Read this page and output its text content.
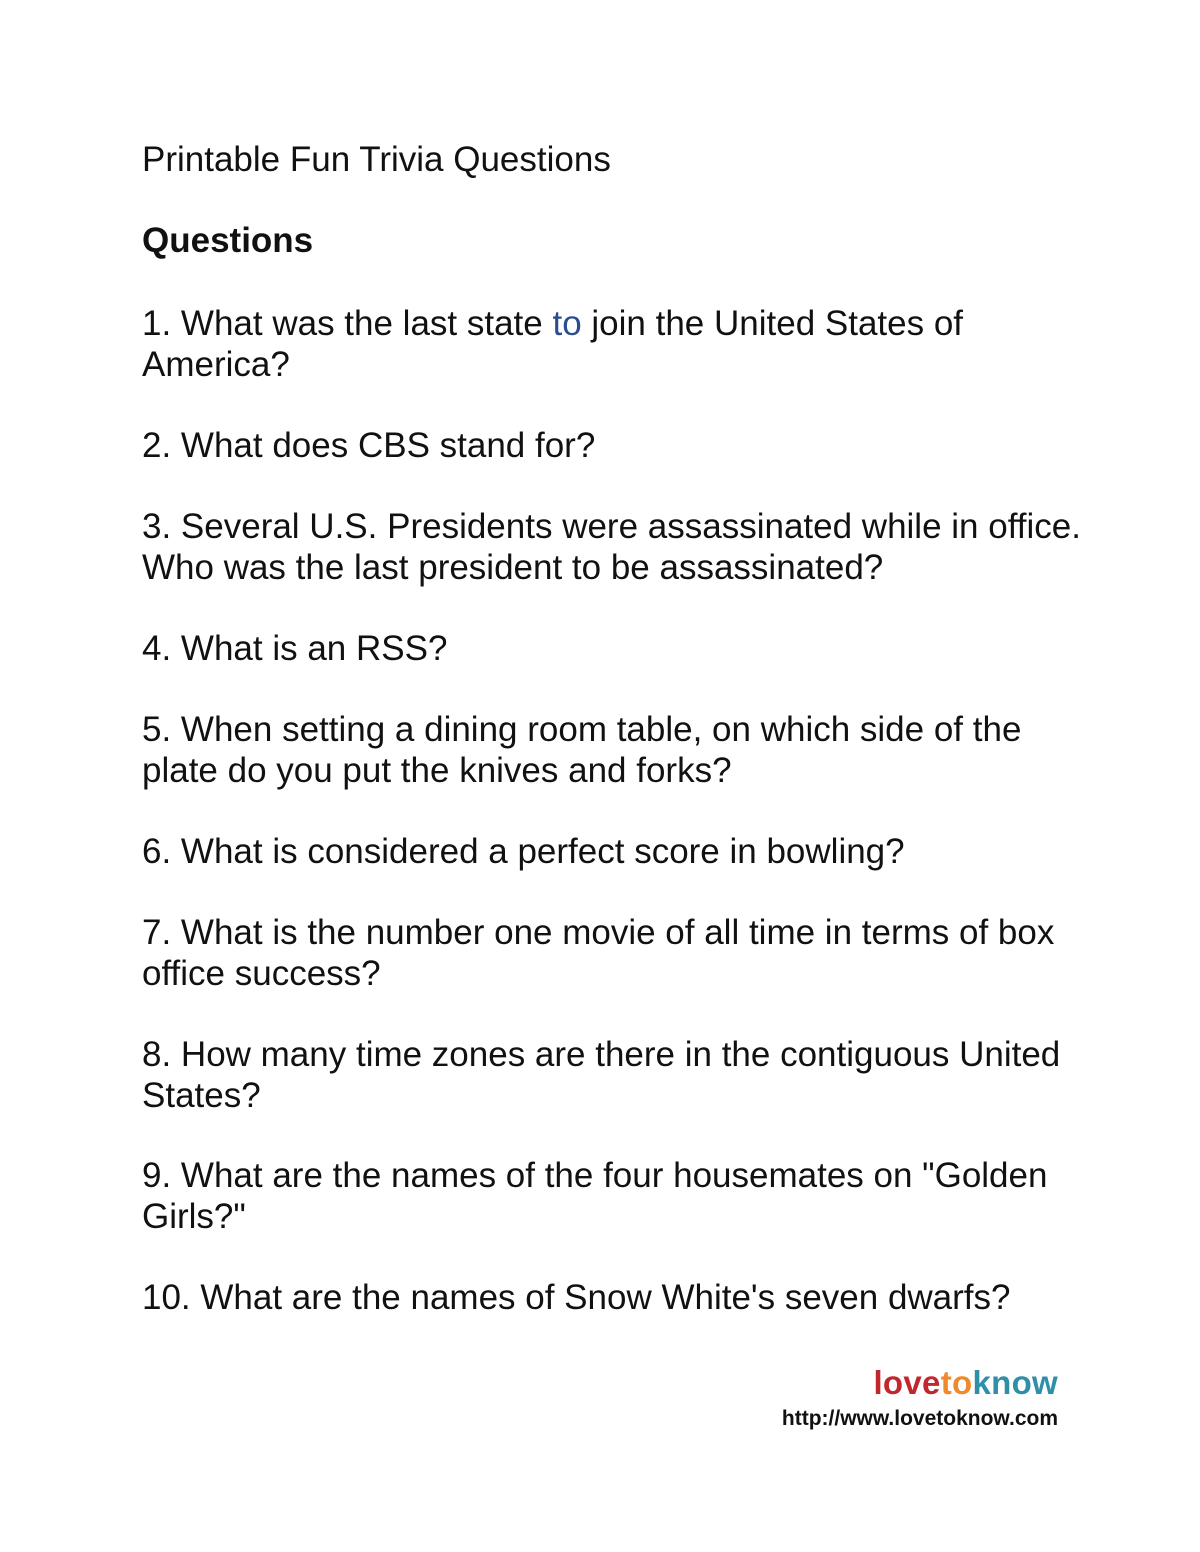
Printable Fun Trivia Questions
Questions

1. What was the last state to join the United States of America?

2. What does CBS stand for?

3. Several U.S. Presidents were assassinated while in office. Who was the last president to be assassinated?

4. What is an RSS?

5. When setting a dining room table, on which side of the plate do you put the knives and forks?

6. What is considered a perfect score in bowling?

7. What is the number one movie of all time in terms of box office success?

8. How many time zones are there in the contiguous United States?

9. What are the names of the four housemates on "Golden Girls?"

10. What are the names of Snow White's seven dwarfs?

lovetoknow
http://www.lovetoknow.com
